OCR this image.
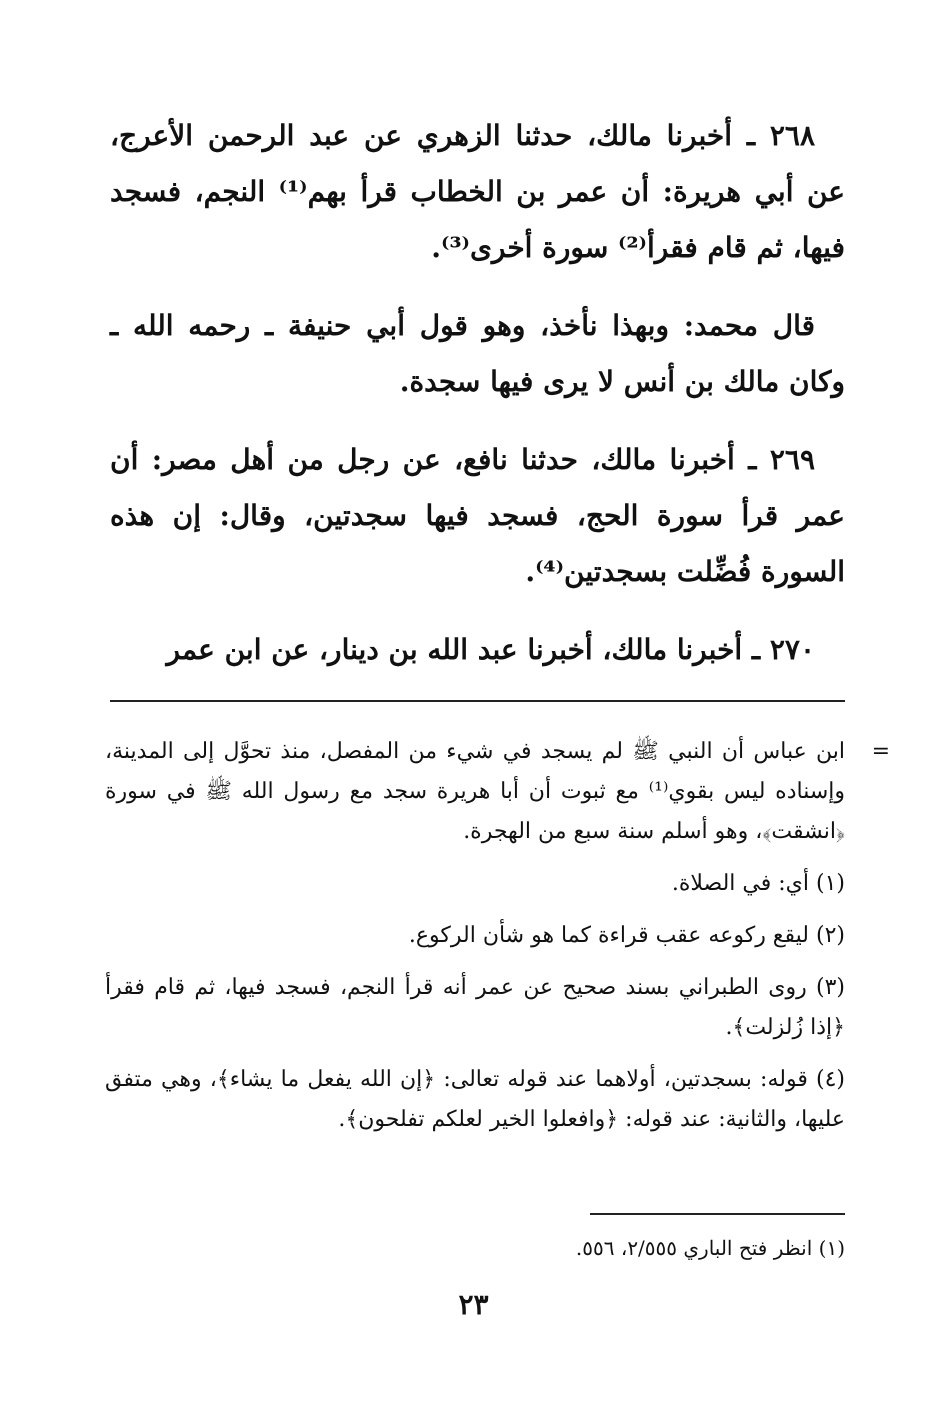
٢٦٨ ـ أخبرنا مالك، حدثنا الزهري عن عبد الرحمن الأعرج، عن أبي هريرة: أن عمر بن الخطاب قرأ بهم⁽¹⁾ النجم، فسجد فيها، ثم قام فقرأ⁽²⁾ سورة أخرى⁽³⁾.

قال محمد: وبهذا نأخذ، وهو قول أبي حنيفة ـ رحمه الله ـ وكان مالك بن أنس لا يرى فيها سجدة.

٢٦٩ ـ أخبرنا مالك، حدثنا نافع، عن رجل من أهل مصر: أن عمر قرأ سورة الحج، فسجد فيها سجدتين، وقال: إن هذه السورة فُضِّلت بسجدتين⁽⁴⁾.

٢٧٠ ـ أخبرنا مالك، أخبرنا عبد الله بن دينار، عن ابن عمر

=
ابن عباس أن النبي ﷺ لم يسجد في شيء من المفصل، منذ تحوَّل إلى المدينة، وإسناده ليس بقوي⁽¹⁾ مع ثبوت أن أبا هريرة سجد مع رسول الله ﷺ في سورة ﴿انشقت﴾، وهو أسلم سنة سبع من الهجرة.

(١) أي: في الصلاة.

(٢) ليقع ركوعه عقب قراءة كما هو شأن الركوع.

(٣) روى الطبراني بسند صحيح عن عمر أنه قرأ النجم، فسجد فيها، ثم قام فقرأ ﴿إذا زُلزلت﴾.

(٤) قوله: بسجدتين، أولاهما عند قوله تعالى: ﴿إن الله يفعل ما يشاء﴾، وهي متفق عليها، والثانية: عند قوله: ﴿وافعلوا الخير لعلكم تفلحون﴾.

(١) انظر فتح الباري ٢/٥٥٥، ٥٥٦.
٢٣
